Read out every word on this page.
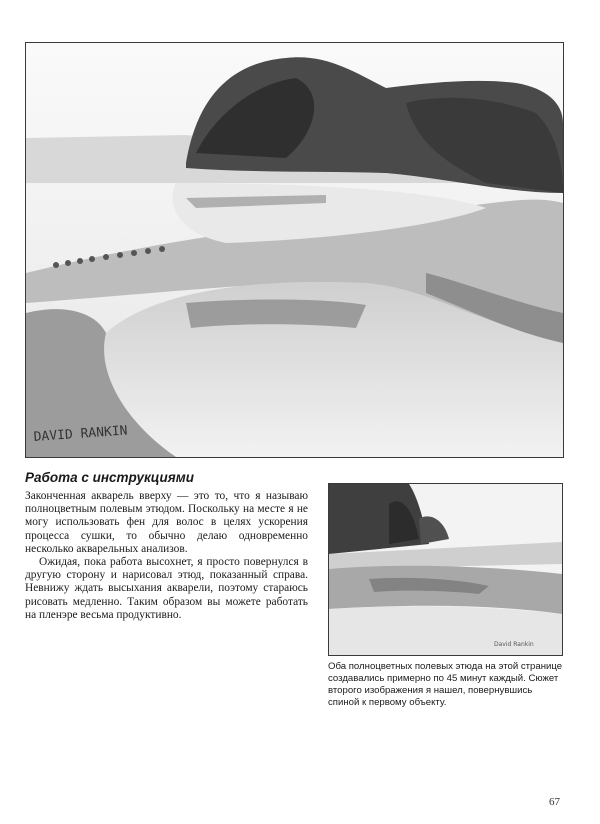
DAVID RANKIN
Работа с инструкциями

Законченная акварель вверху — это то, что я называю полноцветным полевым этюдом. Поскольку на месте я не могу использовать фен для волос в целях ускорения процесса сушки, то обычно делаю одновременно несколько акварельных анализов.

Ожидая, пока работа высохнет, я просто повернулся в другую сторону и нарисовал этюд, показанный справа. Невнижу ждать высыхания акварели, поэтому стараюсь рисовать медленно. Таким образом вы можете работать на пленэре весьма продуктивно.

David Rankin
Оба полноцветных полевых этюда на этой странице создавались примерно по 45 минут каждый. Сюжет второго изображения я нашел, повернувшись спиной к первому объекту.
67
